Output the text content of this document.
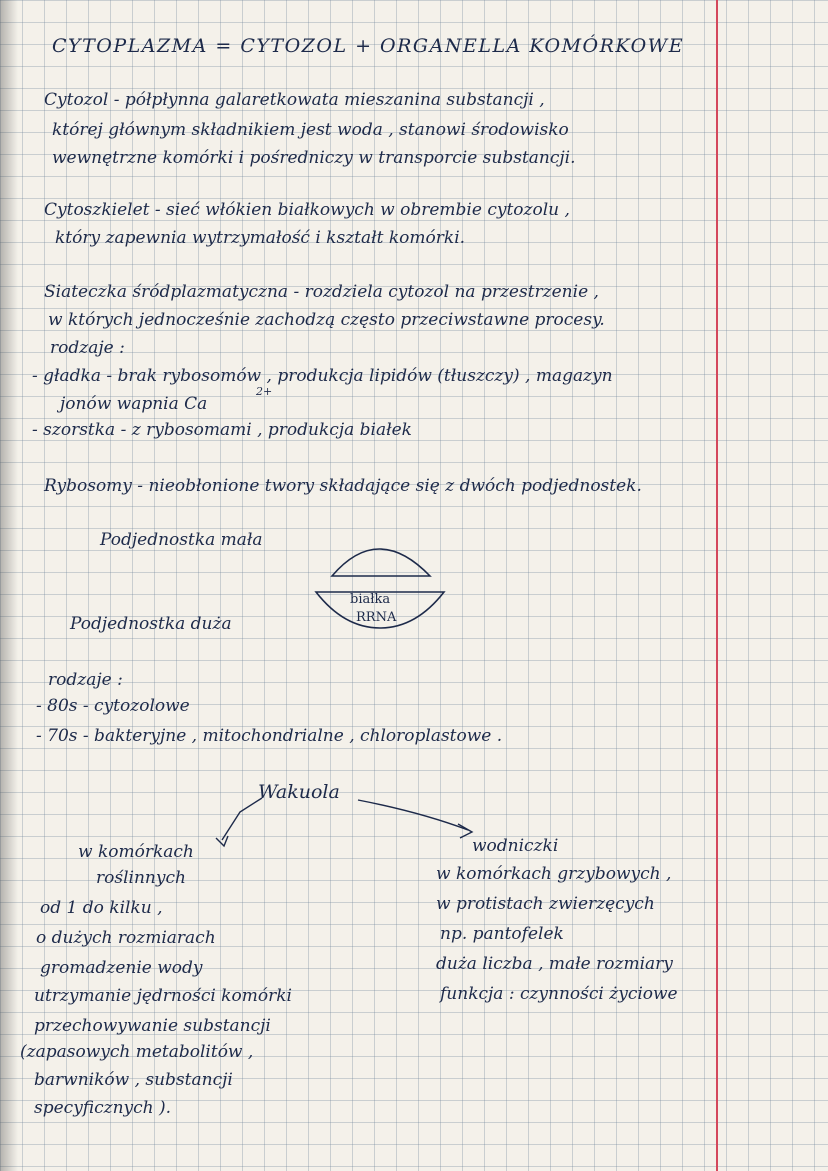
CYTOPLAZMA = CYTOZOL + ORGANELLA KOMÓRKOWE
Cytozol - półpłynna galaretkowata mieszanina substancji ,
której głównym składnikiem jest woda , stanowi środowisko
wewnętrzne komórki i pośredniczy w transporcie substancji.
Cytoszkielet - sieć włókien białkowych w obrembie cytozolu ,
który zapewnia wytrzymałość i kształt komórki.
Siateczka śródplazmatyczna - rozdziela cytozol na przestrzenie ,
w których jednocześnie zachodzą często przeciwstawne procesy.
rodzaje :
- gładka - brak rybosomów , produkcja lipidów (tłuszczy) , magazyn
jonów wapnia Ca
2+
- szorstka - z rybosomami , produkcja białek
Rybosomy - nieobłonione twory składające się z dwóch podjednostek.
Podjednostka mała
Podjednostka duża
białka
RRNA
rodzaje :
- 80s - cytozolowe
- 70s - bakteryjne , mitochondrialne , chloroplastowe .
Wakuola
w komórkach
roślinnych
od 1 do kilku ,
o dużych rozmiarach
gromadzenie wody
utrzymanie jędrności komórki
przechowywanie substancji
(zapasowych metabolitów ,
barwników , substancji
specyficznych ).
wodniczki
w komórkach grzybowych ,
w protistach zwierzęcych
np. pantofelek
duża liczba , małe rozmiary
funkcja : czynności życiowe
